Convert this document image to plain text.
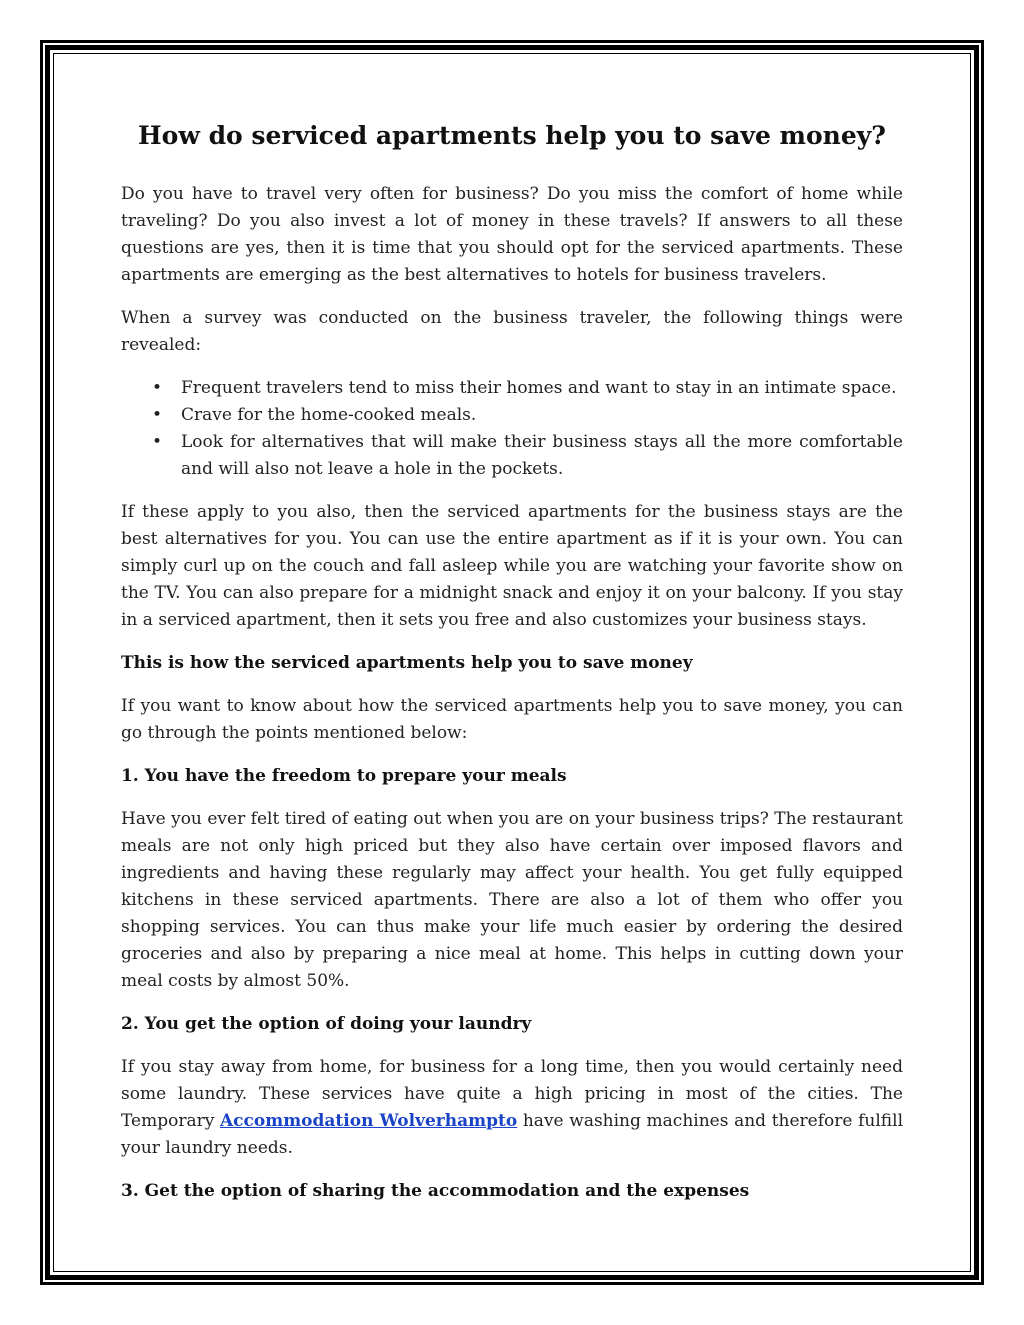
How do serviced apartments help you to save money?

Do you have to travel very often for business? Do you miss the comfort of home while traveling? Do you also invest a lot of money in these travels? If answers to all these questions are yes, then it is time that you should opt for the serviced apartments. These apartments are emerging as the best alternatives to hotels for business travelers.

When a survey was conducted on the business traveler, the following things were revealed:

• Frequent travelers tend to miss their homes and want to stay in an intimate space.
• Crave for the home-cooked meals.
• Look for alternatives that will make their business stays all the more comfortable and will also not leave a hole in the pockets.

If these apply to you also, then the serviced apartments for the business stays are the best alternatives for you. You can use the entire apartment as if it is your own. You can simply curl up on the couch and fall asleep while you are watching your favorite show on the TV. You can also prepare for a midnight snack and enjoy it on your balcony. If you stay in a serviced apartment, then it sets you free and also customizes your business stays.

This is how the serviced apartments help you to save money

If you want to know about how the serviced apartments help you to save money, you can go through the points mentioned below:

1. You have the freedom to prepare your meals

Have you ever felt tired of eating out when you are on your business trips? The restaurant meals are not only high priced but they also have certain over imposed flavors and ingredients and having these regularly may affect your health. You get fully equipped kitchens in these serviced apartments. There are also a lot of them who offer you shopping services. You can thus make your life much easier by ordering the desired groceries and also by preparing a nice meal at home. This helps in cutting down your meal costs by almost 50%.

2. You get the option of doing your laundry

If you stay away from home, for business for a long time, then you would certainly need some laundry. These services have quite a high pricing in most of the cities. The Temporary Accommodation Wolverhampto have washing machines and therefore fulfill your laundry needs.

3. Get the option of sharing the accommodation and the expenses
